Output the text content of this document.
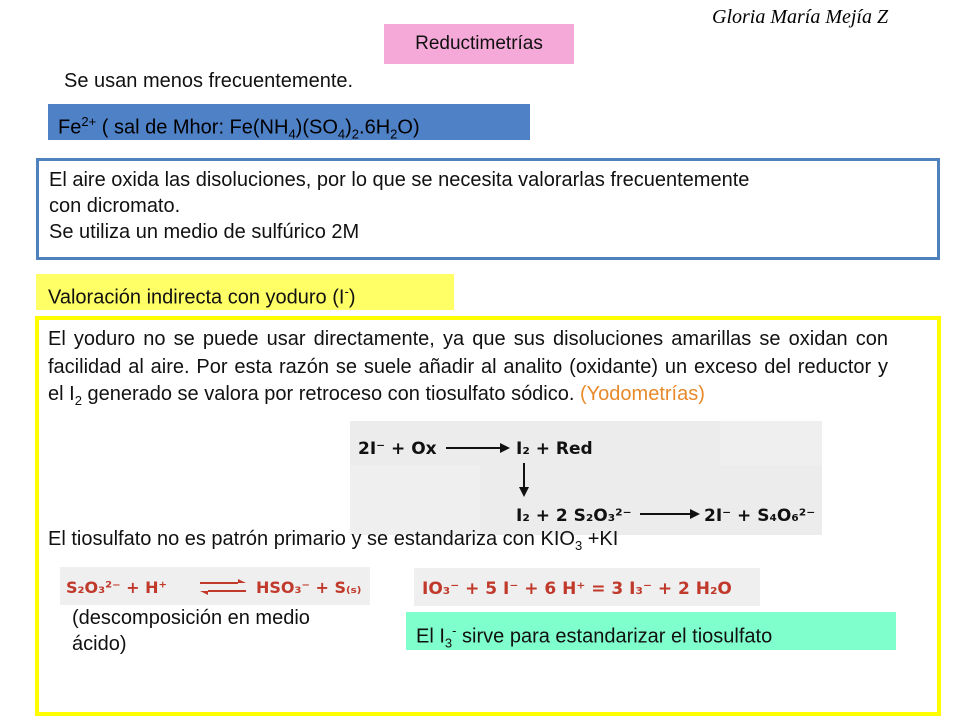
Gloria María Mejía Z
Reductimetrías
Se usan menos frecuentemente.
$Fe^{2+}$ ( sal de Mhor: $Fe(NH_4)(SO_4)_2.6H_2O$)
El aire oxida las disoluciones, por lo que se necesita valorarlas frecuentemente
con dicromato.
Se utiliza un medio de sulfúrico 2M
Valoración indirecta con yoduro (I-)
El yoduro no se puede usar directamente, ya que sus disoluciones amarillas se oxidan con facilidad al aire. Por esta razón se suele añadir al analito (oxidante) un exceso del reductor y el $I_2$ generado se valora por retroceso con tiosulfato sódico. (Yodometrías)
2I⁻ + Ox	I₂ + Red
I₂ + 2 S₂O₃²⁻	2I⁻ + S₄O₆²⁻
El tiosulfato no es patrón primario y se estandariza con $KIO_3 +KI$
S₂O₃²⁻ + H⁺	HSO₃⁻ + S₍ₛ₎	IO₃⁻ + 5 I⁻ + 6 H⁺ = 3 I₃⁻ + 2 H₂O
(descomposición en medio ácido)	El $I_3^-$ sirve para estandarizar el tiosulfato
